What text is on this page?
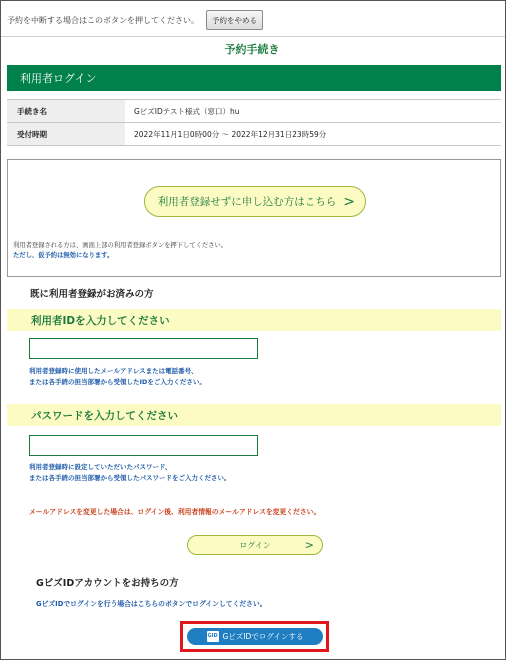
予約を中断する場合はこのボタンを押してください。	予約をやめる
予約手続き
利用者ログイン
手続き名	GビズIDテスト様式（窓口）hu
受付時期	2022年11月1日0時00分 ～ 2022年12月31日23時59分
利用者登録せずに申し込む方はこちら >
利用者登録される方は、画面上部の利用者登録ボタンを押下してください。
ただし、仮予約は無効になります。
既に利用者登録がお済みの方
利用者IDを入力してください
利用者登録時に使用したメールアドレスまたは電話番号、
または各手続の担当部署から受領したIDをご入力ください。
パスワードを入力してください
利用者登録時に設定していただいたパスワード、
または各手続の担当部署から受領したパスワードをご入力ください。
メールアドレスを変更した場合は、ログイン後、利用者情報のメールアドレスを変更ください。
ログイン	>
GビズIDアカウントをお持ちの方
GビズIDでログインを行う場合はこちらのボタンでログインしてください。
G ID GビズIDでログインする
